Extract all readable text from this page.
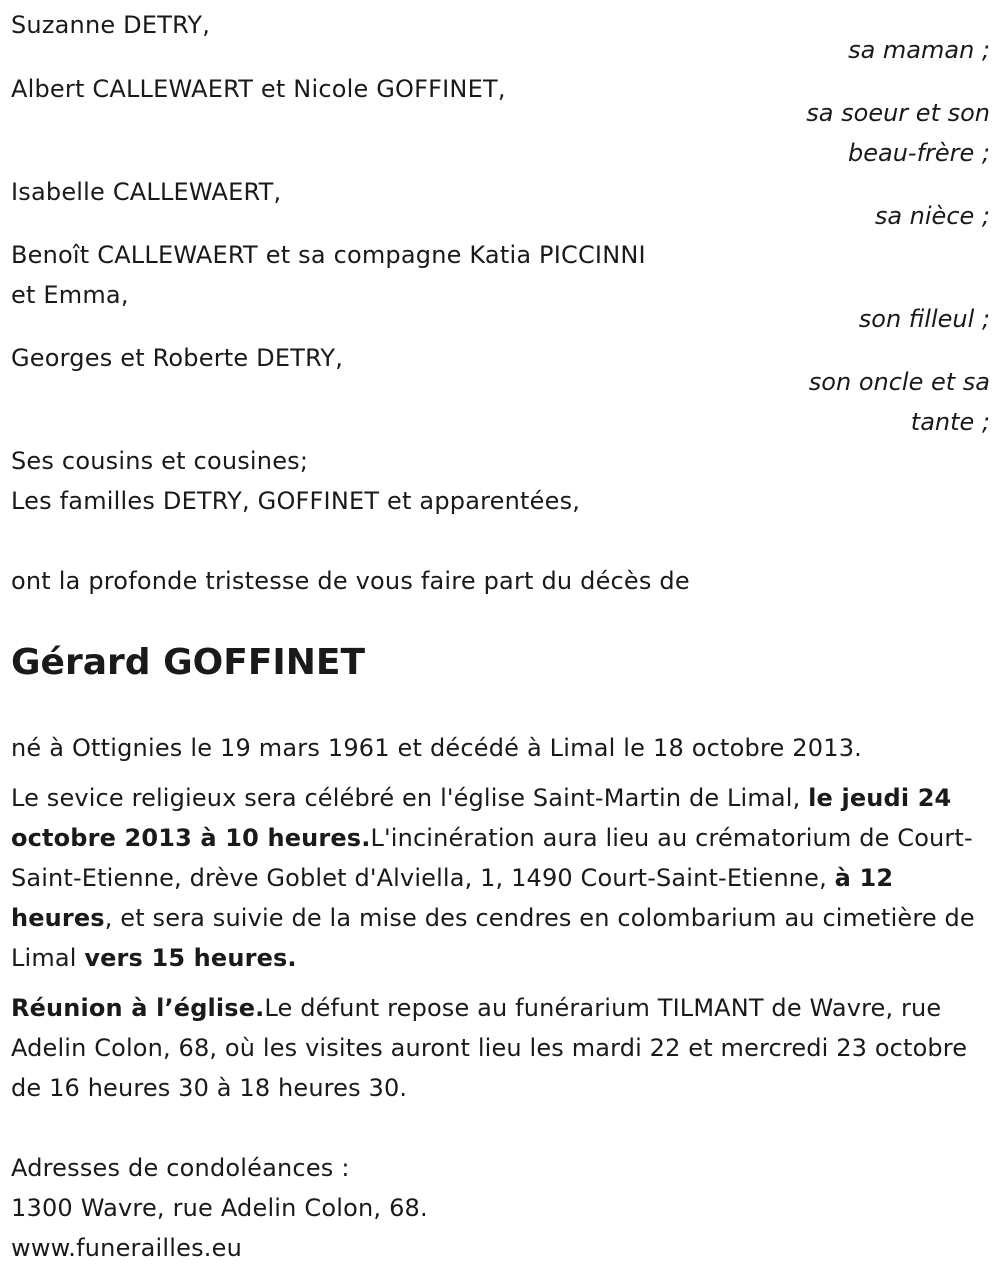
Suzanne DETRY,
sa maman ;
Albert CALLEWAERT et Nicole GOFFINET,
sa soeur et son
beau-frère ;
Isabelle CALLEWAERT,
sa nièce ;
Benoît CALLEWAERT et sa compagne Katia PICCINNI
et Emma,
son filleul ;
Georges et Roberte DETRY,
son oncle et sa
tante ;
Ses cousins et cousines;
Les familles DETRY, GOFFINET et apparentées,
ont la profonde tristesse de vous faire part du décès de
Gérard GOFFINET
né à Ottignies le 19 mars 1961 et décédé à Limal le 18 octobre 2013.
Le sevice religieux sera célébré en l'église Saint-Martin de Limal, le jeudi 24 octobre 2013 à 10 heures.L'incinération aura lieu au crématorium de Court-Saint-Etienne, drève Goblet d'Alviella, 1, 1490 Court-Saint-Etienne, à 12 heures, et sera suivie de la mise des cendres en colombarium au cimetière de Limal vers 15 heures.
Réunion à l’église.Le défunt repose au funérarium TILMANT de Wavre, rue Adelin Colon, 68, où les visites auront lieu les mardi 22 et mercredi 23 octobre de 16 heures 30 à 18 heures 30.
Adresses de condoléances :
1300 Wavre, rue Adelin Colon, 68.
www.funerailles.eu
